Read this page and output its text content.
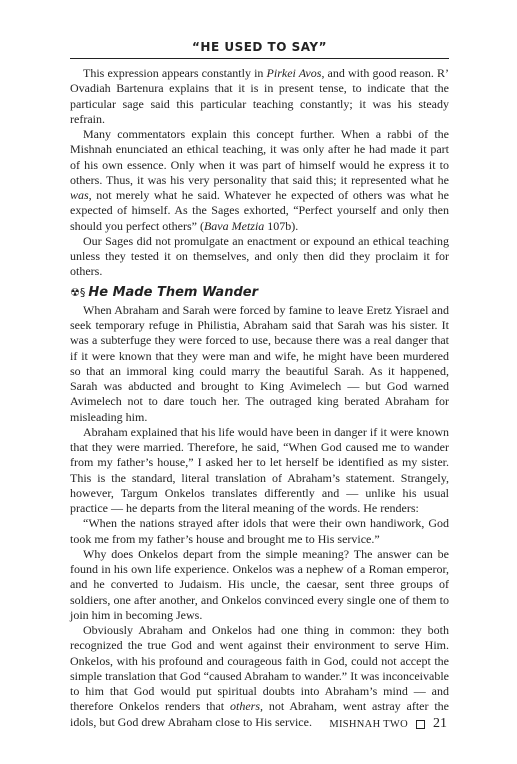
“HE USED TO SAY”

This expression appears constantly in Pirkei Avos, and with good reason. R’ Ovadiah Bartenura explains that it is in present tense, to indicate that the particular sage said this particular teaching constantly; it was his steady refrain.

Many commentators explain this concept further. When a rabbi of the Mishnah enunciated an ethical teaching, it was only after he had made it part of his own essence. Only when it was part of himself would he express it to others. Thus, it was his very personality that said this; it represented what he was, not merely what he said. Whatever he expected of others was what he expected of himself. As the Sages exhorted, “Perfect yourself and only then should you perfect others” (Bava Metzia 107b).

Our Sages did not promulgate an enactment or expound an ethical teaching unless they tested it on themselves, and only then did they proclaim it for others.

☢§ He Made Them Wander

When Abraham and Sarah were forced by famine to leave Eretz Yisrael and seek temporary refuge in Philistia, Abraham said that Sarah was his sister. It was a subterfuge they were forced to use, because there was a real danger that if it were known that they were man and wife, he might have been murdered so that an immoral king could marry the beautiful Sarah. As it happened, Sarah was abducted and brought to King Avimelech — but God warned Avimelech not to dare touch her. The outraged king berated Abraham for misleading him.

Abraham explained that his life would have been in danger if it were known that they were married. Therefore, he said, “When God caused me to wander from my father’s house,” I asked her to let herself be identified as my sister. This is the standard, literal translation of Abraham’s statement. Strangely, however, Targum Onkelos translates differently and — unlike his usual practice — he departs from the literal meaning of the words. He renders:

“When the nations strayed after idols that were their own handiwork, God took me from my father’s house and brought me to His service.”

Why does Onkelos depart from the simple meaning? The answer can be found in his own life experience. Onkelos was a nephew of a Roman emperor, and he converted to Judaism. His uncle, the caesar, sent three groups of soldiers, one after another, and Onkelos convinced every single one of them to join him in becoming Jews.

Obviously Abraham and Onkelos had one thing in common: they both recognized the true God and went against their environment to serve Him. Onkelos, with his profound and courageous faith in God, could not accept the simple translation that God “caused Abraham to wander.” It was inconceivable to him that God would put spiritual doubts into Abraham’s mind — and therefore Onkelos renders that others, not Abraham, went astray after the idols, but God drew Abraham close to His service.	MISHNAH TWO 21
